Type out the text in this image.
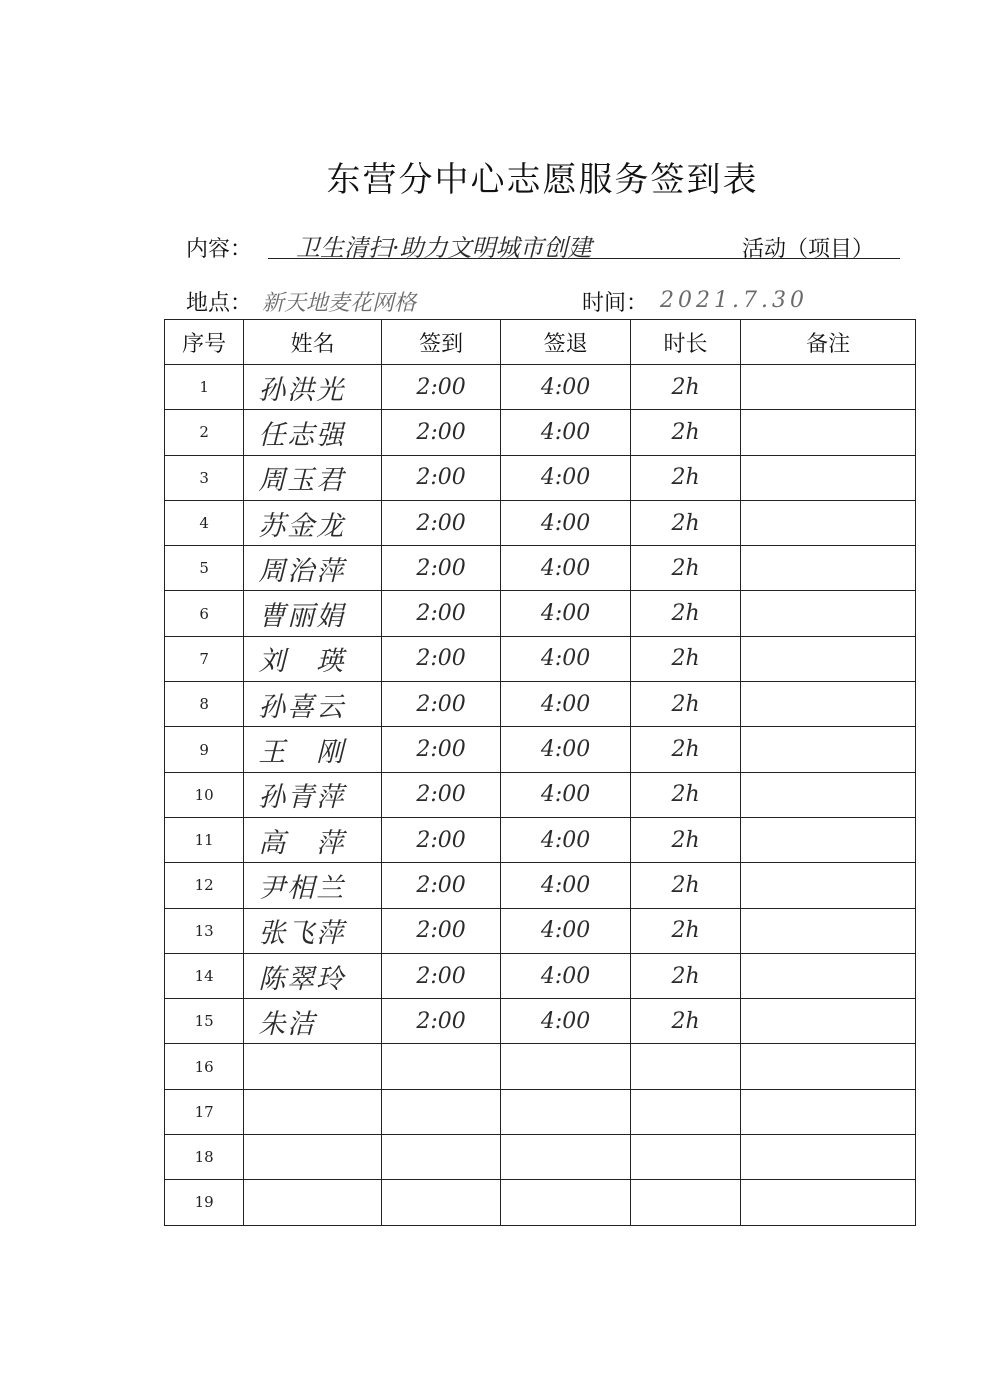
东营分中心志愿服务签到表
内容： 卫生清扫·助力文明城市创建	活动（项目）
地点： 新天地麦花网格	时间： 2021.7.30
序号	姓名	签到	签退	时长	备注
1	孙洪光	2:00	4:00	2h	
2	任志强	2:00	4:00	2h	
3	周玉君	2:00	4:00	2h	
4	苏金龙	2:00	4:00	2h	
5	周治萍	2:00	4:00	2h	
6	曹丽娟	2:00	4:00	2h	
7	刘　瑛	2:00	4:00	2h	
8	孙喜云	2:00	4:00	2h	
9	王　刚	2:00	4:00	2h	
10	孙青萍	2:00	4:00	2h	
11	高　萍	2:00	4:00	2h	
12	尹相兰	2:00	4:00	2h	
13	张飞萍	2:00	4:00	2h	
14	陈翠玲	2:00	4:00	2h	
15	朱洁	2:00	4:00	2h	
16					
17					
18					
19					
